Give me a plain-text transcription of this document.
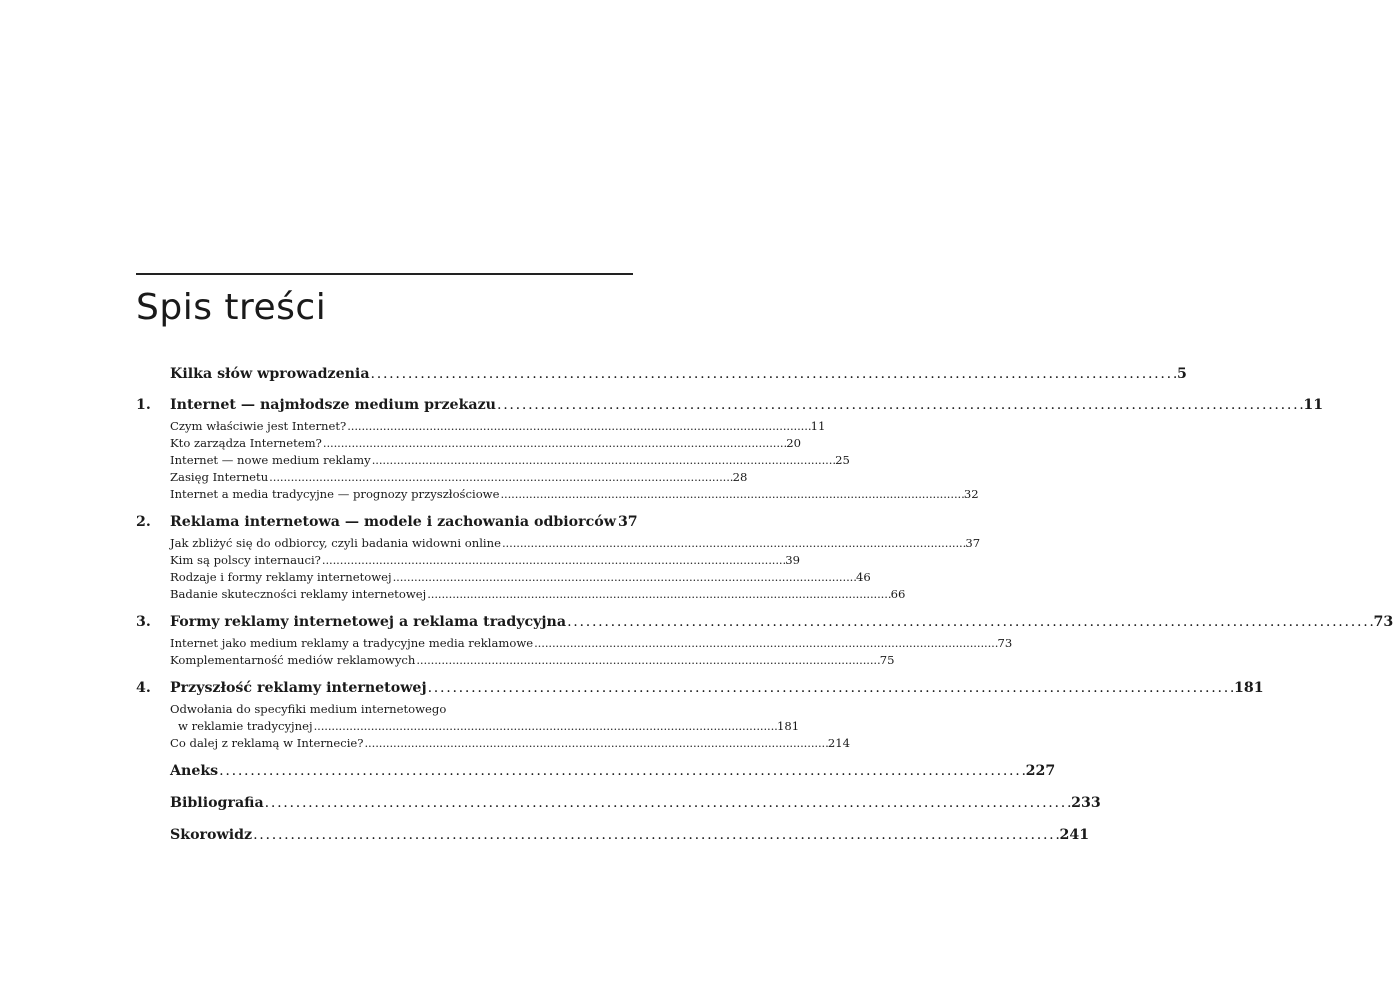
Spis treści
Kilka słów wprowadzenia . . .	5
1.	Internet — najmłodsze medium przekazu . . .	11
Czym właściwie jest Internet? . . .	11
Kto zarządza Internetem? . . .	20
Internet — nowe medium reklamy . . .	25
Zasięg Internetu . . .	28
Internet a media tradycyjne — prognozy przyszłościowe . . .	32
2.	Reklama internetowa — modele i zachowania odbiorców 37
Jak zbliżyć się do odbiorcy, czyli badania widowni online . . .	37
Kim są polscy internauci? . . .	39
Rodzaje i formy reklamy internetowej . . .	46
Badanie skuteczności reklamy internetowej . . .	66
3.	Formy reklamy internetowej a reklama tradycyjna . . .	73
Internet jako medium reklamy a tradycyjne media reklamowe . . .	73
Komplementarność mediów reklamowych . . .	75
4.	Przyszłość reklamy internetowej . . .	181
Odwołania do specyfiki medium internetowego
w reklamie tradycyjnej . . .	181
Co dalej z reklamą w Internecie? . . .	214
Aneks . . .	227
Bibliografia . . .	233
Skorowidz . . .	241
